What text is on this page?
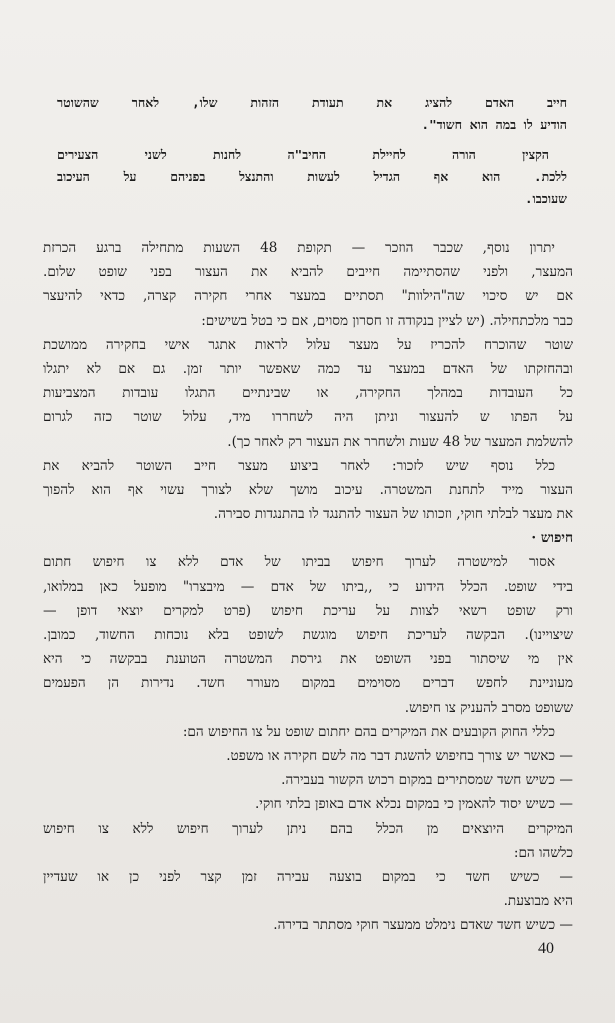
חייב האדם להציג את תעודת הזהות שלו, לאחר שהשוטר
הודיע לו במה הוא חשוד".
הקצין הורה לחיילת החיב"ה לחנות לשני הצעירים
ללכת. הוא אף הגדיל לעשות והתנצל בפניהם על העיכוב
שעוכבו.
יתרון נוסף, שכבר הוזכר — תקופת 48 השעות מתחילה ברגע הכרזת
המעצר, ולפני שהסתיימה חייבים להביא את העצור בפני שופט שלום.
אם יש סיכוי שה"הילוות" תסתיים במעצר אחרי חקירה קצרה, כדאי להיעצר
כבר מלכתחילה. (יש לציין בנקודה זו חסרון מסוים, אם כי בטל בשישים:
שוטר שהוכרח להכריז על מעצר עלול לראות אתגר אישי בחקירה ממושכת
ובהחזקתו של האדם במעצר עד כמה שאפשר יותר זמן. גם אם לא יתגלו
כל העובדות במהלך החקירה, או שבינתיים התגלו עובדות המצביעות
על הפתו ש להעצור וניתן היה לשחררו מיד, עלול שוטר כזה לגרום
להשלמת המעצר של 48 שעות ולשחרר את העצור רק לאחר כך).
כלל נוסף שיש לזכור: לאחר ביצוע מעצר חייב השוטר להביא את
העצור מייד לתחנת המשטרה. עיכוב מושך שלא לצורך עשוי אף הוא להפוך
את מעצר לבלתי חוקי, וזכותו של העצור להתנגד לו בהתנגדות סבירה.
חיפוש ·
אסור למישטרה לערוך חיפוש בביתו של אדם ללא צו חיפוש חתום
בידי שופט. הכלל הידוע כי ,,ביתו של אדם — מיבצרו" מופעל כאן במלואו,
ורק שופט רשאי לצוות על עריכת חיפוש (פרט למקרים יוצאי דופן —
שיצויינו). הבקשה לעריכת חיפוש מוגשת לשופט בלא נוכחות החשוד, כמובן.
אין מי שיסתור בפני השופט את גירסת המשטרה הטוענת בבקשה כי היא
מעוניינת לחפש דברים מסוימים במקום מעורר חשד. נדירות הן הפעמים
ששופט מסרב להעניק צו חיפוש.
כללי החוק הקובעים את המיקרים בהם יחתום שופט על צו החיפוש הם:
— כאשר יש צורך בחיפוש להשגת דבר מה לשם חקירה או משפט.
— כשיש חשד שמסתירים במקום רכוש הקשור בעבירה.
— כשיש יסוד להאמין כי במקום נכלא אדם באופן בלתי חוקי.
המיקרים היוצאים מן הכלל בהם ניתן לערוך חיפוש ללא צו חיפוש
כלשהו הם:
— כשיש חשד כי במקום בוצעה עבירה זמן קצר לפני כן או שעדיין
היא מבוצעת.
— כשיש חשד שאדם נימלט ממעצר חוקי מסתתר בדירה.
40
